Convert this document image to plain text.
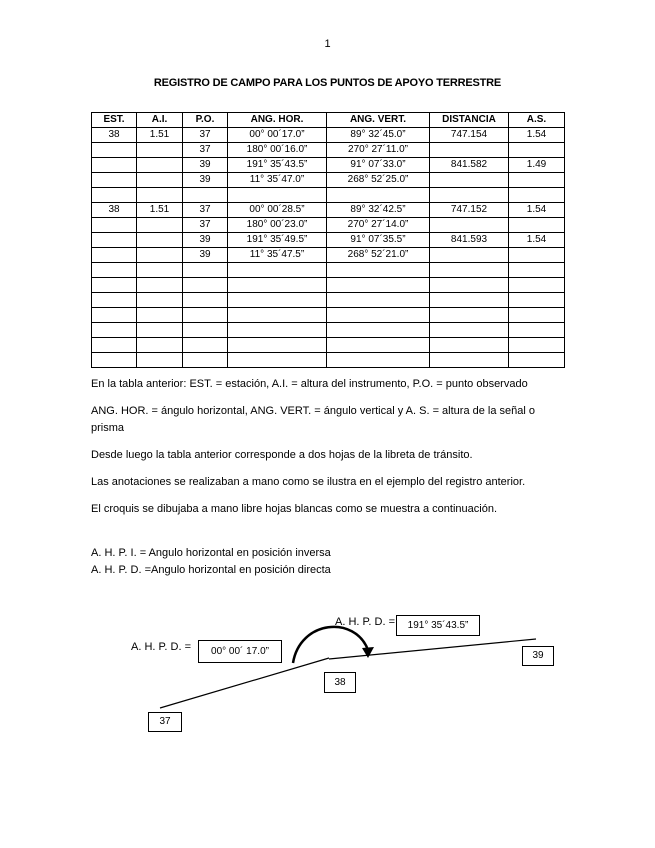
1
REGISTRO DE CAMPO PARA LOS PUNTOS DE APOYO TERRESTRE
EST.	A.I.	P.O.	ANG. HOR.	ANG. VERT.	DISTANCIA	A.S.
38	1.51	37	00° 00´17.0”	89° 32´45.0”	747.154	1.54
		37	180° 00´16.0”	270° 27´11.0”		
		39	191° 35´43.5”	91° 07´33.0”	841.582	1.49
		39	11° 35´47.0”	268° 52´25.0”		

38	1.51	37	00° 00´28.5”	89° 32´42.5”	747.152	1.54
		37	180° 00´23.0”	270° 27´14.0”		
		39	191° 35´49.5”	91° 07´35.5”	841.593	1.54
		39	11° 35´47.5”	268° 52´21.0”		

En la tabla anterior: EST. = estación, A.I. = altura del instrumento, P.O. = punto observado

ANG. HOR. = ángulo horizontal, ANG. VERT. = ángulo vertical y A. S. = altura de la señal o prisma

Desde luego la tabla anterior corresponde a dos hojas de la libreta de tránsito.

Las anotaciones se realizaban a mano como se ilustra en el ejemplo del registro anterior.

El croquis se dibujaba a mano libre hojas blancas como se muestra a continuación.

A. H. P. I. = Angulo horizontal en posición inversa
A. H. P. D. =Angulo horizontal en posición directa
A. H. P. D. =	00° 00´ 17.0”
A. H. P. D. =	191° 35´43.5”
38
37
39
